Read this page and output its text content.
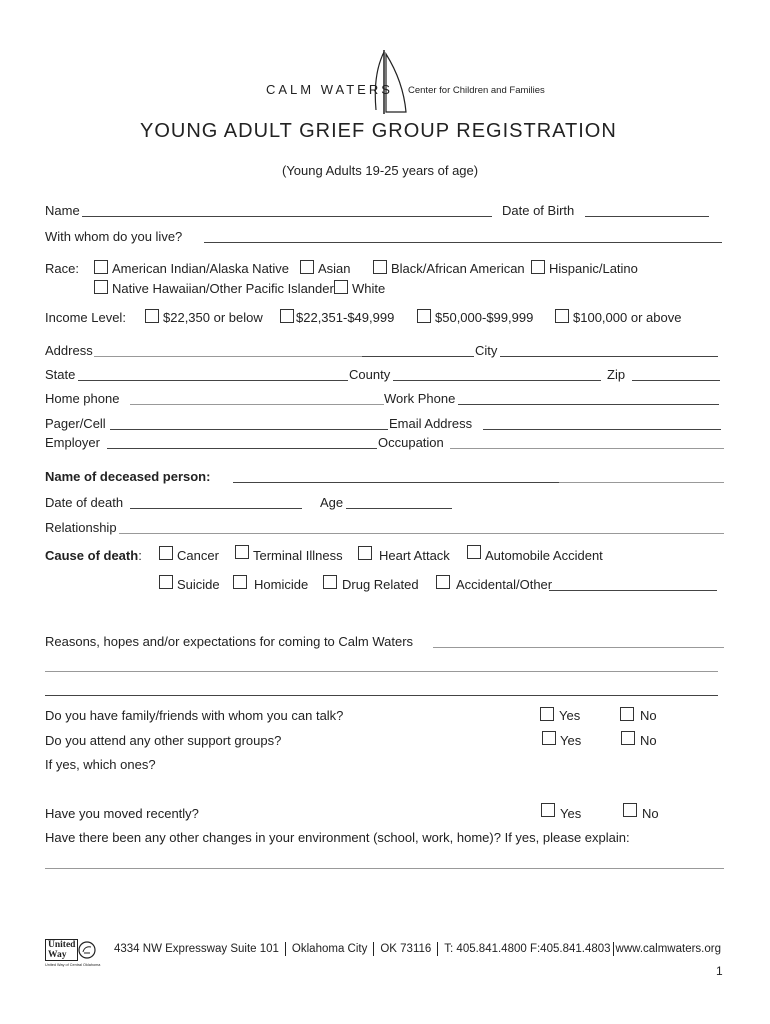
CALM WATERS Center for Children and Families
YOUNG ADULT GRIEF GROUP REGISTRATION
(Young Adults 19-25 years of age)
Name	Date of Birth
With whom do you live?
Race:	American Indian/Alaska Native Asian	Black/African American Hispanic/Latino
Native Hawaiian/Other Pacific Islander White
Income Level:	$22,350 or below	$22,351-$49,999	$50,000-$99,999	$100,000 or above
Address	City
State	County	Zip
Home phone	Work Phone
Pager/Cell	Email Address
Employer	Occupation
Name of deceased person:
Date of death	Age
Relationship
Cause of death:	Cancer	Terminal Illness	Heart Attack	Automobile Accident
Suicide	Homicide	Drug Related	Accidental/Other
Reasons, hopes and/or expectations for coming to Calm Waters
Do you have family/friends with whom you can talk?	Yes	No
Do you attend any other support groups?	Yes	No
If yes, which ones?
Have you moved recently?	Yes	No
Have there been any other changes in your environment (school, work, home)? If yes, please explain:
United
Way
United Way of Central Oklahoma
4334 NW Expressway Suite 101 Oklahoma City OK 73116 T: 405.841.4800 F:405.841.4803 www.calmwaters.org
1
